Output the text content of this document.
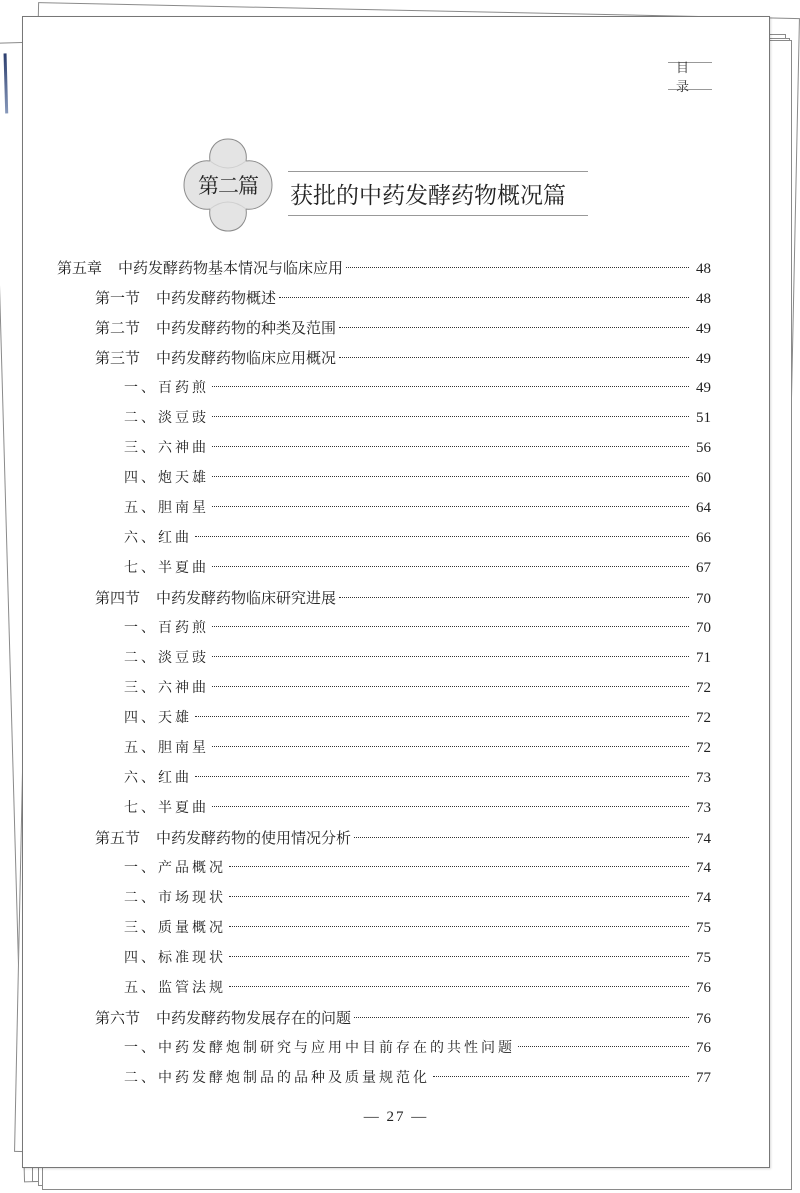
目录
第二篇	获批的中药发酵药物概况篇
第五章 中药发酵药物基本情况与临床应用	48
第一节 中药发酵药物概述	48
第二节 中药发酵药物的种类及范围	49
第三节 中药发酵药物临床应用概况	49
一、百药煎	49
二、淡豆豉	51
三、六神曲	56
四、炮天雄	60
五、胆南星	64
六、红曲	66
七、半夏曲	67
第四节 中药发酵药物临床研究进展	70
一、百药煎	70
二、淡豆豉	71
三、六神曲	72
四、天雄	72
五、胆南星	72
六、红曲	73
七、半夏曲	73
第五节 中药发酵药物的使用情况分析	74
一、产品概况	74
二、市场现状	74
三、质量概况	75
四、标准现状	75
五、监管法规	76
第六节 中药发酵药物发展存在的问题	76
一、中药发酵炮制研究与应用中目前存在的共性问题	76
二、中药发酵炮制品的品种及质量规范化	77
— 27 —
